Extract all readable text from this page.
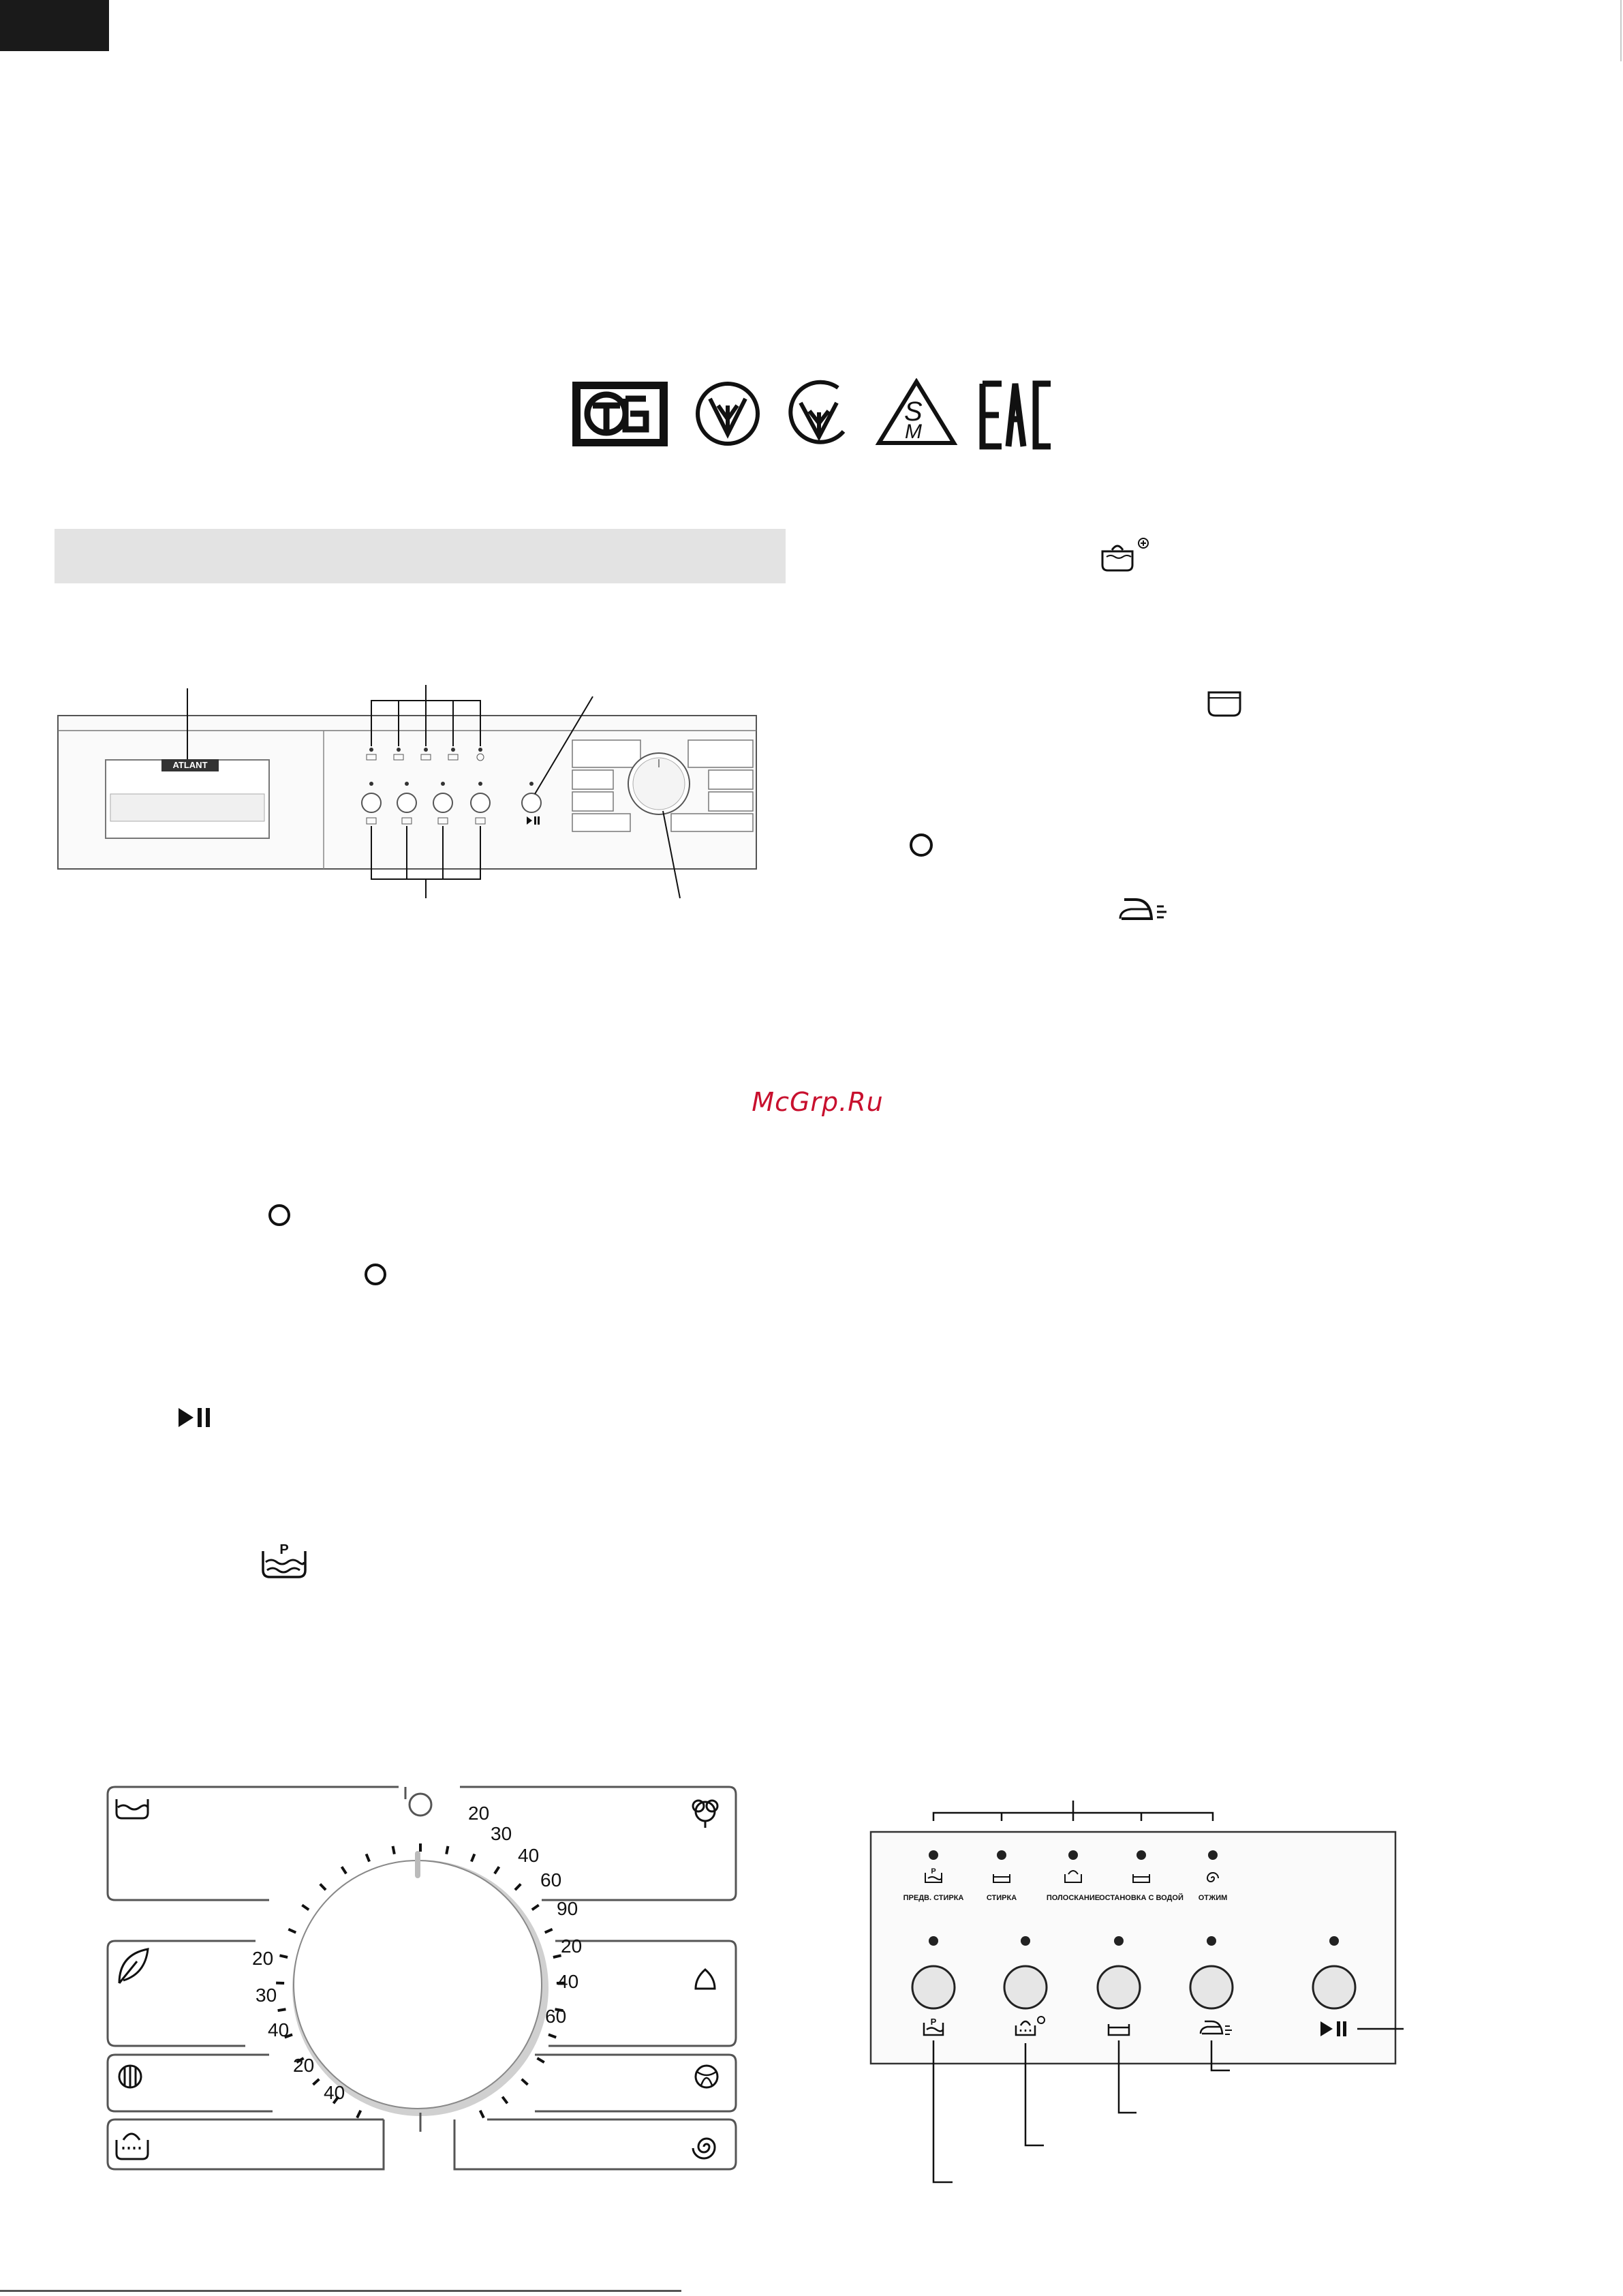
S
M
ATLANT
McGrp.Ru
P
20
30
40
60
90
20
40
60
20
30
40
20
40
P
ПРЕДВ. СТИРКА	СТИРКА	ПОЛОСКАНИЕ ОСТАНОВКА С ВОДОЙ ОТЖИМ
P
